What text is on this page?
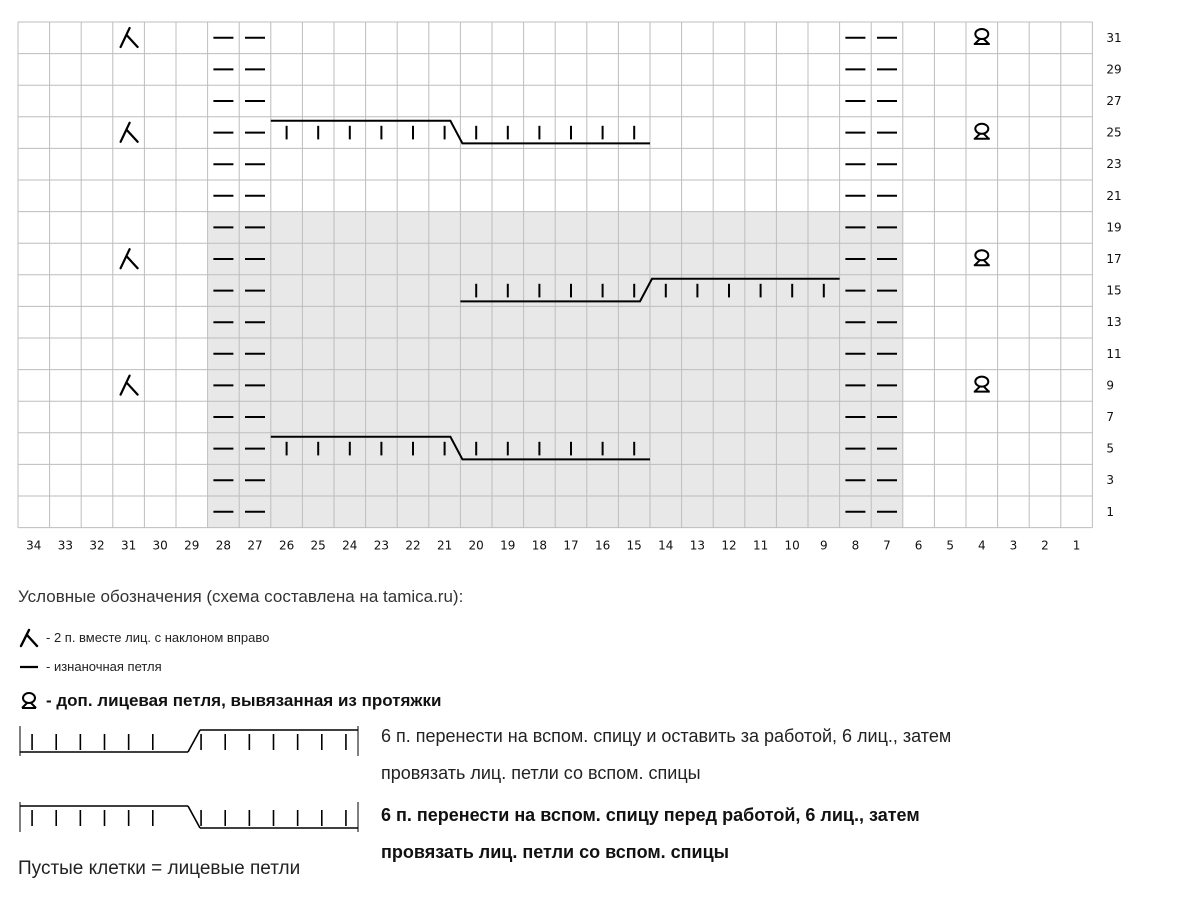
31
29
27
25
23
21
19
17
15
13
11
9
7
5
3
1
34 33 32 31 30 29 28 27 26 25 24 23 22 21 20 19 18 17 16 15 14 13 12 11 10 9 8 7 6 5 4 3 2 1
Условные обозначения (схема составлена на tamica.ru):
- 2 п. вместе лиц. с наклоном вправо
- изнаночная петля
- доп. лицевая петля, вывязанная из протяжки
6 п. перенести на вспом. спицу и оставить за работой, 6 лиц., затем
провязать лиц. петли со вспом. спицы
6 п. перенести на вспом. спицу перед работой, 6 лиц., затем
провязать лиц. петли со вспом. спицы
Пустые клетки = лицевые петли
